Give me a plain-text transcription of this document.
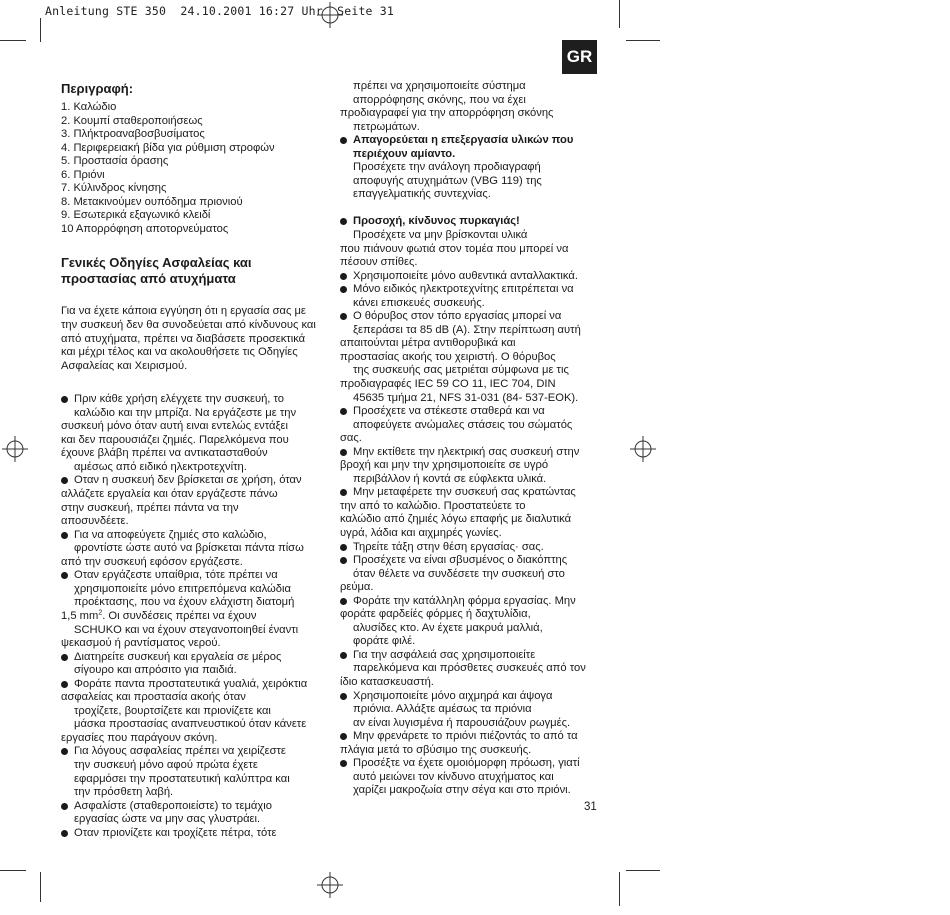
Anleitung STE 350  24.10.2001 16:27 Uhr  Seite 31
GR
Περιγραφή:
1. Καλώδιο
2. Κουμπί σταθεροποιήσεως
3. Πλήκτροαναβοσβυσίματος
4. Περιφερειακή βίδα για ρύθμιση στροφών
5. Προστασία όρασης
6. Πριόνι
7. Κύλινδρος κίνησης
8. Μετακινούμεν ουπόδημα πριονιού
9. Εσωτερικά εξαγωνικό κλειδί
10 Απορρόφηση αποτορνεύματος
Γενικές Οδηγίες Ασφαλείας και
προστασίας από ατυχήματα
Για να έχετε κάποια εγγύηση ότι η εργασία σας με
την συσκευή δεν θα συνοδεύεται από κίνδυνους και
από ατυχήματα, πρέπει να διαβάσετε προσεκτικά
και μέχρι τέλος και να ακολουθήσετε τις Οδηγίες
Ασφαλείας και Χειρισμού.
Πριν κάθε χρήση ελέγχετε την συσκευή, το
καλώδιο και την μπρίζα. Να εργάζεστε με την
συσκευή μόνο όταν αυτή ειναι εντελώς εντάξει
και δεν παρουσιάζει ζημιές. Παρελκόμενα που
έχουνε βλάβη πρέπει να αντικατασταθούν
αμέσως από ειδικό ηλεκτροτεχνίτη.
Οταν η συσκευή δεν βρίσκεται σε χρήση, όταν
αλλάζετε εργαλεία και όταν εργάζεστε πάνω
στην συσκευή, πρέπει πάντα να την
αποσυνδέετε.
Για να αποφεύγετε ζημιές στο καλώδιο,
φροντίστε ώστε αυτό να βρίσκεται πάντα πίσω
από την συσκευή εφόσον εργάζεστε.
Οταν εργάζεστε υπαίθρια, τότε πρέπει να
χρησιμοποιείτε μόνο επιτρεπόμενα καλώδια
προέκτασης, που να έχουν ελάχιστη διατομή
1,5 $mm^2$. Οι συνδέσεις πρέπει να έχουν
SCHUKO και να έχουν στεγανοποιηθεί έναντι
ψεκασμού ή ραντίσματος νερού.
Διατηρείτε συσκευή και εργαλεία σε μέρος
σίγουρο και απρόσιτο για παιδιά.
Φοράτε παντα προστατευτικά γυαλιά, χειρόκτια
ασφαλείας και προστασία ακοής όταν
τροχίζετε, βουρτσίζετε και πριονίζετε και
μάσκα προστασίας αναπνευστικού όταν κάνετε
εργασίες που παράγουν σκόνη.
Για λόγους ασφαλείας πρέπει να χειρίζεστε
την συσκευή μόνο αφού πρώτα έχετε
εφαρμόσει την προστατευτική καλύπτρα και
την πρόσθετη λαβή.
Ασφαλίστε (σταθεροποιείστε) το τεμάχιο
εργασίας ώστε να μην σας γλυστράει.
Οταν πριονίζετε και τροχίζετε πέτρα, τότε
πρέπει να χρησιμοποιείτε σύστημα
απορρόφησης σκόνης, που να έχει
προδιαγραφεί για την απορρόφηση σκόνης
πετρωμάτων.
Απαγορεύεται η επεξεργασία υλικών που
περιέχουν αμίαντο.
Προσέχετε την ανάλογη προδιαγραφή
αποφυγής ατυχημάτων (VBG 119) της
επαγγελματικής συντεχνίας.
Προσοχή, κίνδυνος πυρκαγιάς!
Προσέχετε να μην βρίσκονται υλικά
που πιάνουν φωτιά στον τομέα που μπορεί να
πέσουν σπίθες.
Χρησιμοποιείτε μόνο αυθεντικά ανταλλακτικά.
Μόνο ειδικός ηλεκτροτεχνίτης επιτρέπεται να
κάνει επισκευές συσκευής.
Ο θόρυβος στον τόπο εργασίας μπορεί να
ξεπεράσει τα 85 dB (A). Στην περίπτωση αυτή
απαιτούνται μέτρα αντιθορυβικά και
προστασίας ακοής του χειριστή. Ο θόρυβος
της συσκευής σας μετριέται σύμφωνα με τις
προδιαγραφές IEC 59 CO 11, IEC 704, DIN
45635 τμήμα 21, NFS 31-031 (84- 537-EOK).
Προσέχετε να στέκεστε σταθερά και να
αποφεύγετε ανώμαλες στάσεις του σώματός
σας.
Μην εκτίθετε την ηλεκτρική σας συσκευή στην
βροχή και μην την χρησιμοποιείτε σε υγρό
περιβάλλον ή κοντά σε εύφλεκτα υλικά.
Μην μεταφέρετε την συσκευή σας κρατώντας
την από το καλώδιο. Προστατεύετε το
καλώδιο από ζημιές λόγω επαφής με διαλυτικά
υγρά, λάδια και αιχμηρές γωνίες.
Τηρείτε τάξη στην θέση εργασίας· σας.
Προσέχετε να είναι σβυσμένος ο διακόπτης
όταν θέλετε να συνδέσετε την συσκευή στο
ρεύμα.
Φοράτε την κατάλληλη φόρμα εργασίας. Μην
φοράτε φαρδείές φόρμες ή δαχτυλίδια,
αλυσίδες κτο. Αν έχετε μακρυά μαλλιά,
φοράτε φιλέ.
Για την ασφάλειά σας χρησιμοποιείτε
παρελκόμενα και πρόσθετες συσκευές από τον
ίδιο κατασκευαστή.
Χρησιμοποιείτε μόνο αιχμηρά και άψογα
πριόνια. Αλλάξτε αμέσως τα πριόνια
αν είναι λυγισμένα ή παρουσιάζουν ρωγμές.
Μην φρενάρετε το πριόνι πιέζοντάς το από τα
πλάγια μετά το σβύσιμο της συσκευής.
Προσέξτε να έχετε ομοιόμορφη πρόωση, γιατί
αυτό μειώνει τον κίνδυνο ατυχήματος και
χαρίζει μακροζωία στην σέγα και στο πριόνι.
31
